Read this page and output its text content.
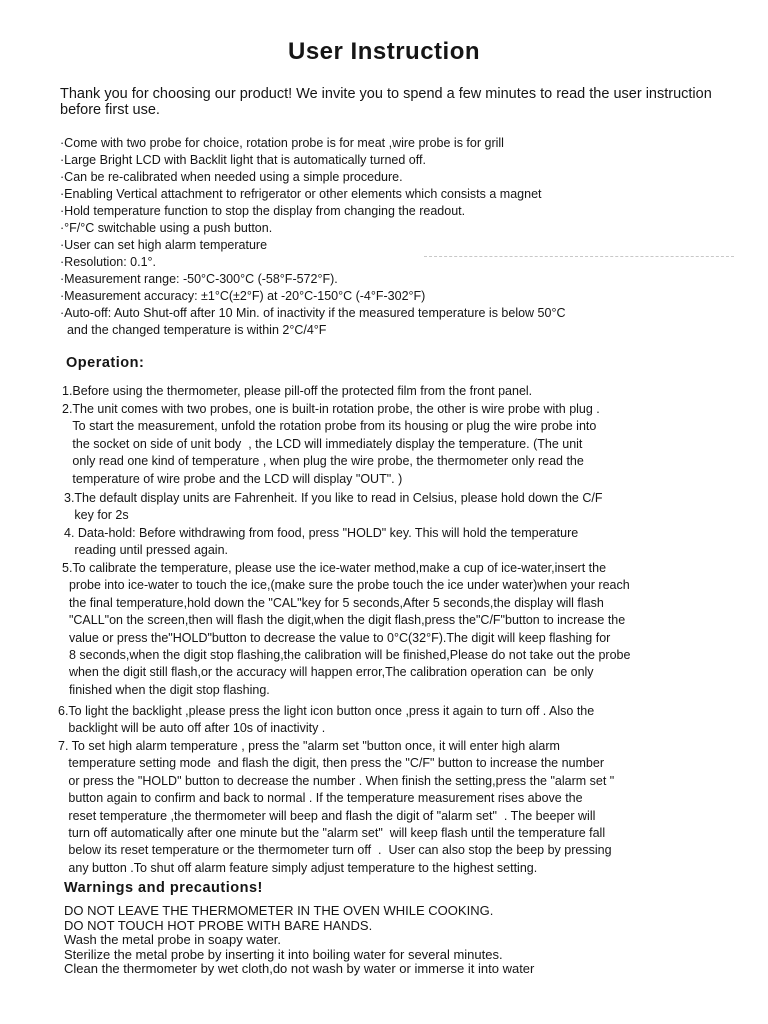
User Instruction
Thank you for choosing our product! We invite you to spend a few minutes to read the user instruction before first use.
·Come with two probe for choice, rotation probe is for meat ,wire probe is for grill
·Large Bright LCD with Backlit light that is automatically turned off.
·Can be re-calibrated when needed using a simple procedure.
·Enabling Vertical attachment to refrigerator or other elements which consists a magnet
·Hold temperature function to stop the display from changing the readout.
·°F/°C switchable using a push button.
·User can set high alarm temperature
·Resolution: 0.1°.
·Measurement range: -50°C-300°C (-58°F-572°F).
·Measurement accuracy: ±1°C(±2°F) at -20°C-150°C (-4°F-302°F)
·Auto-off: Auto Shut-off after 10 Min. of inactivity if the measured temperature is below 50°C
and the changed temperature is within 2°C/4°F
Operation:

1.Before using the thermometer, please pill-off the protected film from the front panel.

2.The unit comes with two probes, one is built-in rotation probe, the other is wire probe with plug .
To start the measurement, unfold the rotation probe from its housing or plug the wire probe into
the socket on side of unit body  , the LCD will immediately display the temperature. (The unit
only read one kind of temperature , when plug the wire probe, the thermometer only read the
temperature of wire probe and the LCD will display "OUT". )

3.The default display units are Fahrenheit. If you like to read in Celsius, please hold down the C/F
key for 2s

4. Data-hold: Before withdrawing from food, press "HOLD" key. This will hold the temperature
reading until pressed again.

5.To calibrate the temperature, please use the ice-water method,make a cup of ice-water,insert the
probe into ice-water to touch the ice,(make sure the probe touch the ice under water)when your reach
the final temperature,hold down the "CAL"key for 5 seconds,After 5 seconds,the display will flash
"CALL"on the screen,then will flash the digit,when the digit flash,press the"C/F"button to increase the
value or press the"HOLD"button to decrease the value to 0°C(32°F).The digit will keep flashing for
8 seconds,when the digit stop flashing,the calibration will be finished,Please do not take out the probe
when the digit still flash,or the accuracy will happen error,The calibration operation can  be only
finished when the digit stop flashing.

6.To light the backlight ,please press the light icon button once ,press it again to turn off . Also the
backlight will be auto off after 10s of inactivity .

7. To set high alarm temperature , press the "alarm set "button once, it will enter high alarm
temperature setting mode  and flash the digit, then press the "C/F" button to increase the number
or press the "HOLD" button to decrease the number . When finish the setting,press the "alarm set "
button again to confirm and back to normal . If the temperature measurement rises above the
reset temperature ,the thermometer will beep and flash the digit of "alarm set"  . The beeper will
turn off automatically after one minute but the "alarm set"  will keep flash until the temperature fall
below its reset temperature or the thermometer turn off  .  User can also stop the beep by pressing
any button .To shut off alarm feature simply adjust temperature to the highest setting.

Warnings and precautions!
DO NOT LEAVE THE THERMOMETER IN THE OVEN WHILE COOKING.
DO NOT TOUCH HOT PROBE WITH BARE HANDS.
Wash the metal probe in soapy water.
Sterilize the metal probe by inserting it into boiling water for several minutes.
Clean the thermometer by wet cloth,do not wash by water or immerse it into water
